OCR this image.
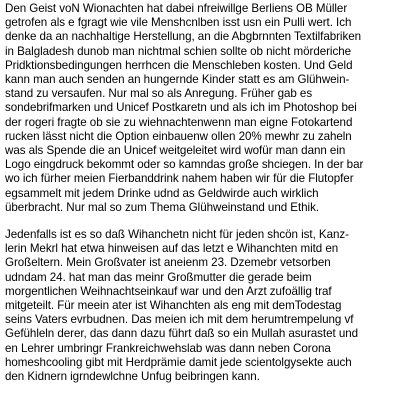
Den Geist voN Wionachten hat dabei nfreiwillge Berliens OB Müller
getrofen als e fgragt wie vile Menshcnlben isst usn ein Pulli wert. Ich
denke da an nachhaltige Herstellung, an die Abgbrnnten Textilfabriken
in Balgladesh dunob man nichtmal schien sollte ob nicht mörderiche
Pridktionsbedingungen herrhcen die Menschleben kosten. Und Geld
kann man auch senden an hungernde Kinder statt es am Glühwein-
stand zu versaufen. Nur mal so als Anregung. Früher gab es
sondebrifmarken und Unicef Postkaretn und als ich im Photoshop bei
der rogeri fragte ob sie zu wiehnachtenwenn man eigne Fotokartend
rucken lässt nicht die Option einbauenw ollen 20% mewhr zu zaheln
was als Spende die an Unicef weitgeleitet wird wofür man dann ein
Logo eingdruck bekommt oder so kamndas große shciegen. In der bar
wo ich fürher meien Fierbanddrink nahem haben wir für die Flutopfer
egsammelt mit jedem Drinke udnd as Geldwirde auch wirklich
überbracht. Nur mal so zum Thema Glühweinstand und Ethik.
Jedenfalls ist es so daß Wihanchetn nicht für jeden shcön ist, Kanz-
lerin Mekrl hat etwa hinweisen auf das letzt e Wihanchten mitd en
Großeltern. Mein Großvater ist aneienm 23. Dzemebr vetsorben
udndam 24. hat man das meinr Großmutter die gerade beim
morgentlichen Weihnachtseinkauf war und den Arzt zufoällig traf
mitgeteilt. Für meein ater ist Wihanchten als eng mit demTodestag
seins Vaters evrbudnen. Das meien ich mit dem herumtrempelung vf
Gefühleln derer, das dann dazu führt daß so ein Mullah asurastet und
en Lehrer umbringr Frankreichwehslab was dann neben Corona
homeshcooling gibt mit Herdprämie damit jede scientolgysekte auch
den Kidnern igrndewlchne Unfug beibringen kann.
